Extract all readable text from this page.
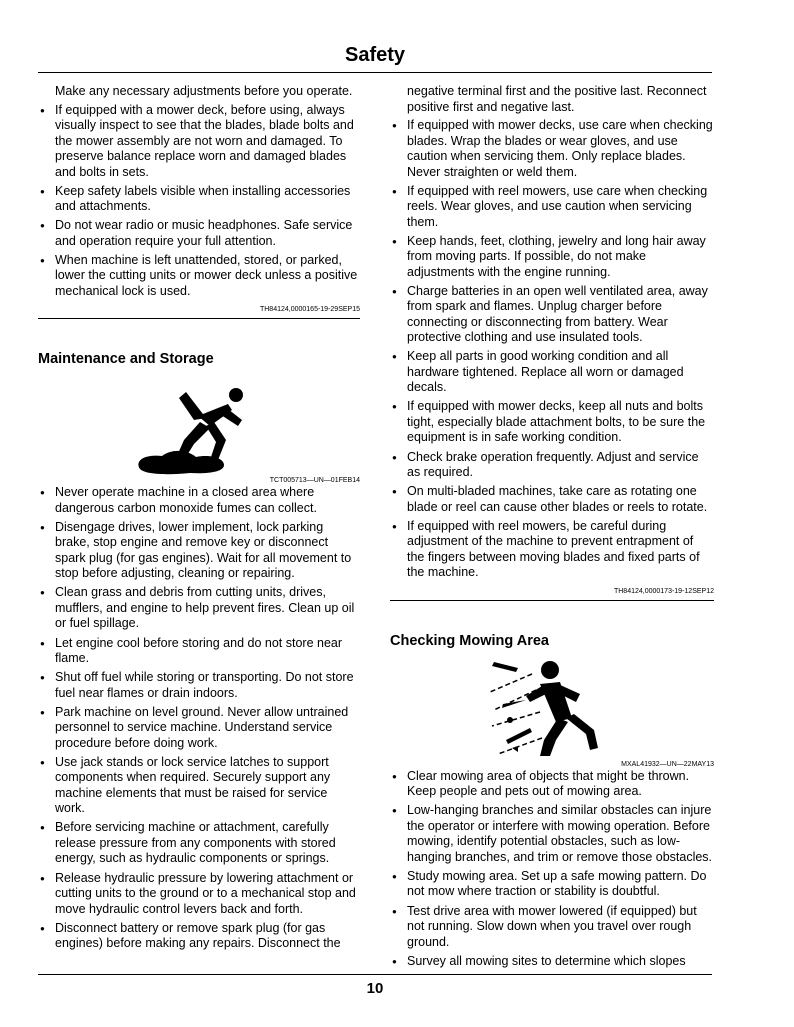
Safety
Make any necessary adjustments before you operate.
● If equipped with a mower deck, before using, always visually inspect to see that the blades, blade bolts and the mower assembly are not worn and damaged. To preserve balance replace worn and damaged blades and bolts in sets.
● Keep safety labels visible when installing accessories and attachments.
● Do not wear radio or music headphones. Safe service and operation require your full attention.
● When machine is left unattended, stored, or parked, lower the cutting units or mower deck unless a positive mechanical lock is used.
TH84124,0000165-19-29SEP15
Maintenance and Storage
TCT005713—UN—01FEB14
● Never operate machine in a closed area where dangerous carbon monoxide fumes can collect.
● Disengage drives, lower implement, lock parking brake, stop engine and remove key or disconnect spark plug (for gas engines). Wait for all movement to stop before adjusting, cleaning or repairing.
● Clean grass and debris from cutting units, drives, mufflers, and engine to help prevent fires. Clean up oil or fuel spillage.
● Let engine cool before storing and do not store near flame.
● Shut off fuel while storing or transporting. Do not store fuel near flames or drain indoors.
● Park machine on level ground. Never allow untrained personnel to service machine. Understand service procedure before doing work.
● Use jack stands or lock service latches to support components when required. Securely support any machine elements that must be raised for service work.
● Before servicing machine or attachment, carefully release pressure from any components with stored energy, such as hydraulic components or springs.
● Release hydraulic pressure by lowering attachment or cutting units to the ground or to a mechanical stop and move hydraulic control levers back and forth.
● Disconnect battery or remove spark plug (for gas engines) before making any repairs. Disconnect the
negative terminal first and the positive last. Reconnect positive first and negative last.
● If equipped with mower decks, use care when checking blades. Wrap the blades or wear gloves, and use caution when servicing them. Only replace blades. Never straighten or weld them.
● If equipped with reel mowers, use care when checking reels. Wear gloves, and use caution when servicing them.
● Keep hands, feet, clothing, jewelry and long hair away from moving parts. If possible, do not make adjustments with the engine running.
● Charge batteries in an open well ventilated area, away from spark and flames. Unplug charger before connecting or disconnecting from battery. Wear protective clothing and use insulated tools.
● Keep all parts in good working condition and all hardware tightened. Replace all worn or damaged decals.
● If equipped with mower decks, keep all nuts and bolts tight, especially blade attachment bolts, to be sure the equipment is in safe working condition.
● Check brake operation frequently. Adjust and service as required.
● On multi-bladed machines, take care as rotating one blade or reel can cause other blades or reels to rotate.
● If equipped with reel mowers, be careful during adjustment of the machine to prevent entrapment of the fingers between moving blades and fixed parts of the machine.
TH84124,0000173-19-12SEP12
Checking Mowing Area
MXAL41932—UN—22MAY13
● Clear mowing area of objects that might be thrown. Keep people and pets out of mowing area.
● Low-hanging branches and similar obstacles can injure the operator or interfere with mowing operation. Before mowing, identify potential obstacles, such as low-hanging branches, and trim or remove those obstacles.
● Study mowing area. Set up a safe mowing pattern. Do not mow where traction or stability is doubtful.
● Test drive area with mower lowered (if equipped) but not running. Slow down when you travel over rough ground.
● Survey all mowing sites to determine which slopes
10
